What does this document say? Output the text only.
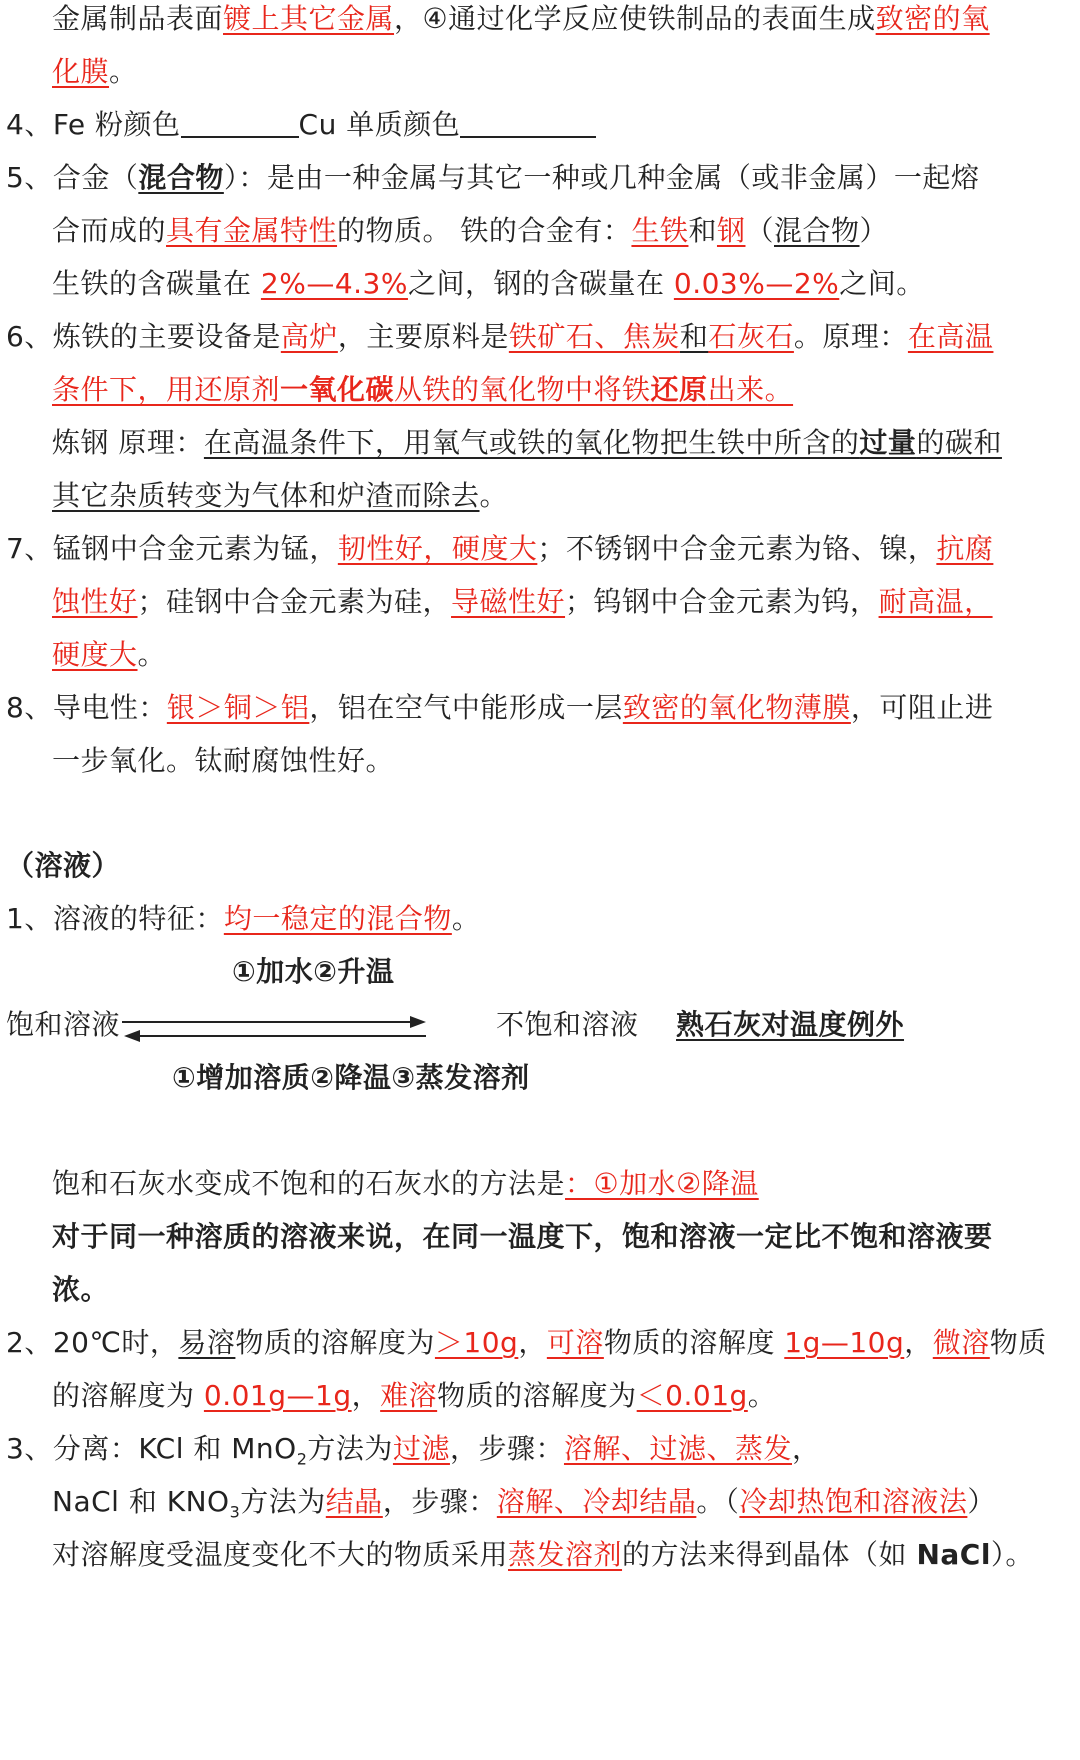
金属制品表面镀上其它金属，④通过化学反应使铁制品的表面生成致密的氧
化膜。
4、Fe 粉颜色	Cu 单质颜色
5、合金（混合物）：是由一种金属与其它一种或几种金属（或非金属）一起熔
合而成的具有金属特性的物质。 铁的合金有：生铁和钢（混合物）
生铁的含碳量在 2%—4.3%之间，钢的含碳量在 0.03%—2%之间。
6、炼铁的主要设备是高炉，主要原料是铁矿石、焦炭和石灰石。原理：在高温
条件下，用还原剂一氧化碳从铁的氧化物中将铁还原出来。
炼钢 原理：在高温条件下，用氧气或铁的氧化物把生铁中所含的过量的碳和
其它杂质转变为气体和炉渣而除去。
7、锰钢中合金元素为锰，韧性好，硬度大；不锈钢中合金元素为铬、镍，抗腐
蚀性好；硅钢中合金元素为硅，导磁性好；钨钢中合金元素为钨，耐高温，
硬度大。
8、导电性：银＞铜＞铝，铝在空气中能形成一层致密的氧化物薄膜，可阻止进
一步氧化。钛耐腐蚀性好。
（溶液）
1、溶液的特征：均一稳定的混合物。
①加水②升温
饱和溶液	不饱和溶液 熟石灰对温度例外
①增加溶质②降温③蒸发溶剂
饱和石灰水变成不饱和的石灰水的方法是：①加水②降温
对于同一种溶质的溶液来说，在同一温度下，饱和溶液一定比不饱和溶液要
浓。
2、20℃时，易溶物质的溶解度为＞10g，可溶物质的溶解度 1g—10g，微溶物质
的溶解度为 0.01g—1g，难溶物质的溶解度为＜0.01g。
3、分离：KCl 和 MnO$_2$方法为过滤，步骤：溶解、过滤、蒸发，
NaCl 和 $KNO_3$方法为结晶，步骤：溶解、冷却结晶。（冷却热饱和溶液法）
对溶解度受温度变化不大的物质采用蒸发溶剂的方法来得到晶体（如 NaCl）。
